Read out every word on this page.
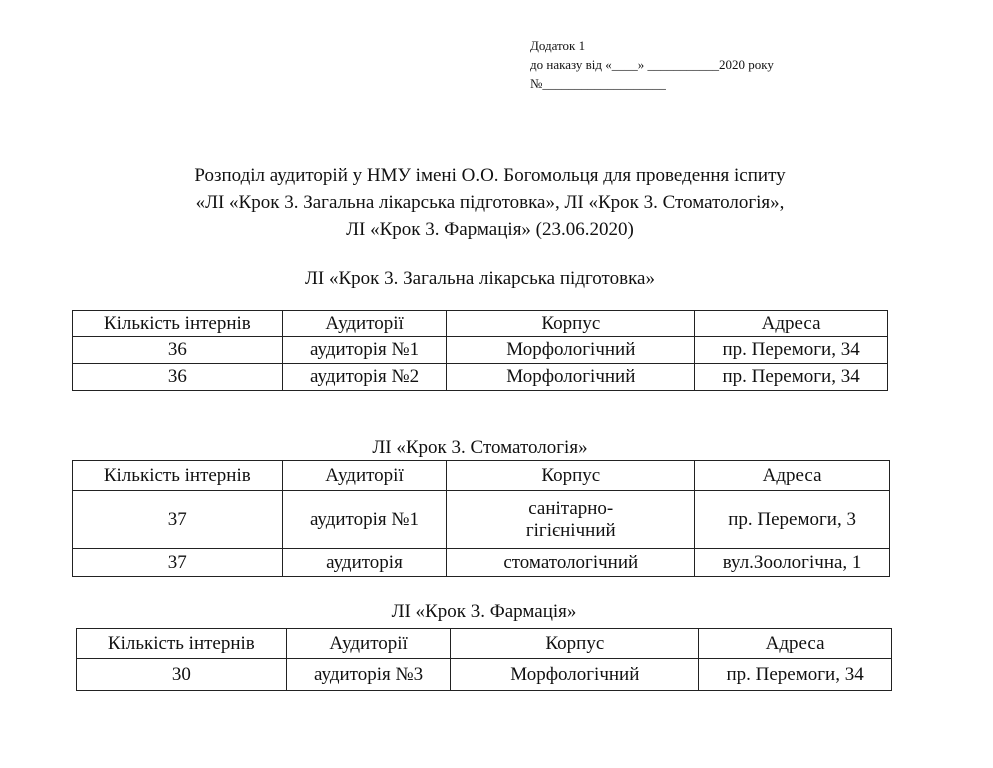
Додаток 1
до наказу від «____» ___________2020 року
№___________________
Розподіл аудиторій у НМУ імені О.О. Богомольця для проведення іспиту
«ЛІ «Крок 3. Загальна лікарська підготовка», ЛІ «Крок 3. Стоматологія»,
ЛІ «Крок 3. Фармація» (23.06.2020)
ЛІ «Крок 3. Загальна лікарська підготовка»
Кількість інтернів	Аудиторії	Корпус	Адреса
36	аудиторія №1	Морфологічний	пр. Перемоги, 34
36	аудиторія №2	Морфологічний	пр. Перемоги, 34
ЛІ «Крок 3. Стоматологія»
Кількість інтернів	Аудиторії	Корпус	Адреса
37	аудиторія №1	санітарно-гігієнічний	пр. Перемоги, 3
37	аудиторія	стоматологічний	вул.Зоологічна, 1
ЛІ «Крок 3. Фармація»
Кількість інтернів	Аудиторії	Корпус	Адреса
30	аудиторія №3	Морфологічний	пр. Перемоги, 34
